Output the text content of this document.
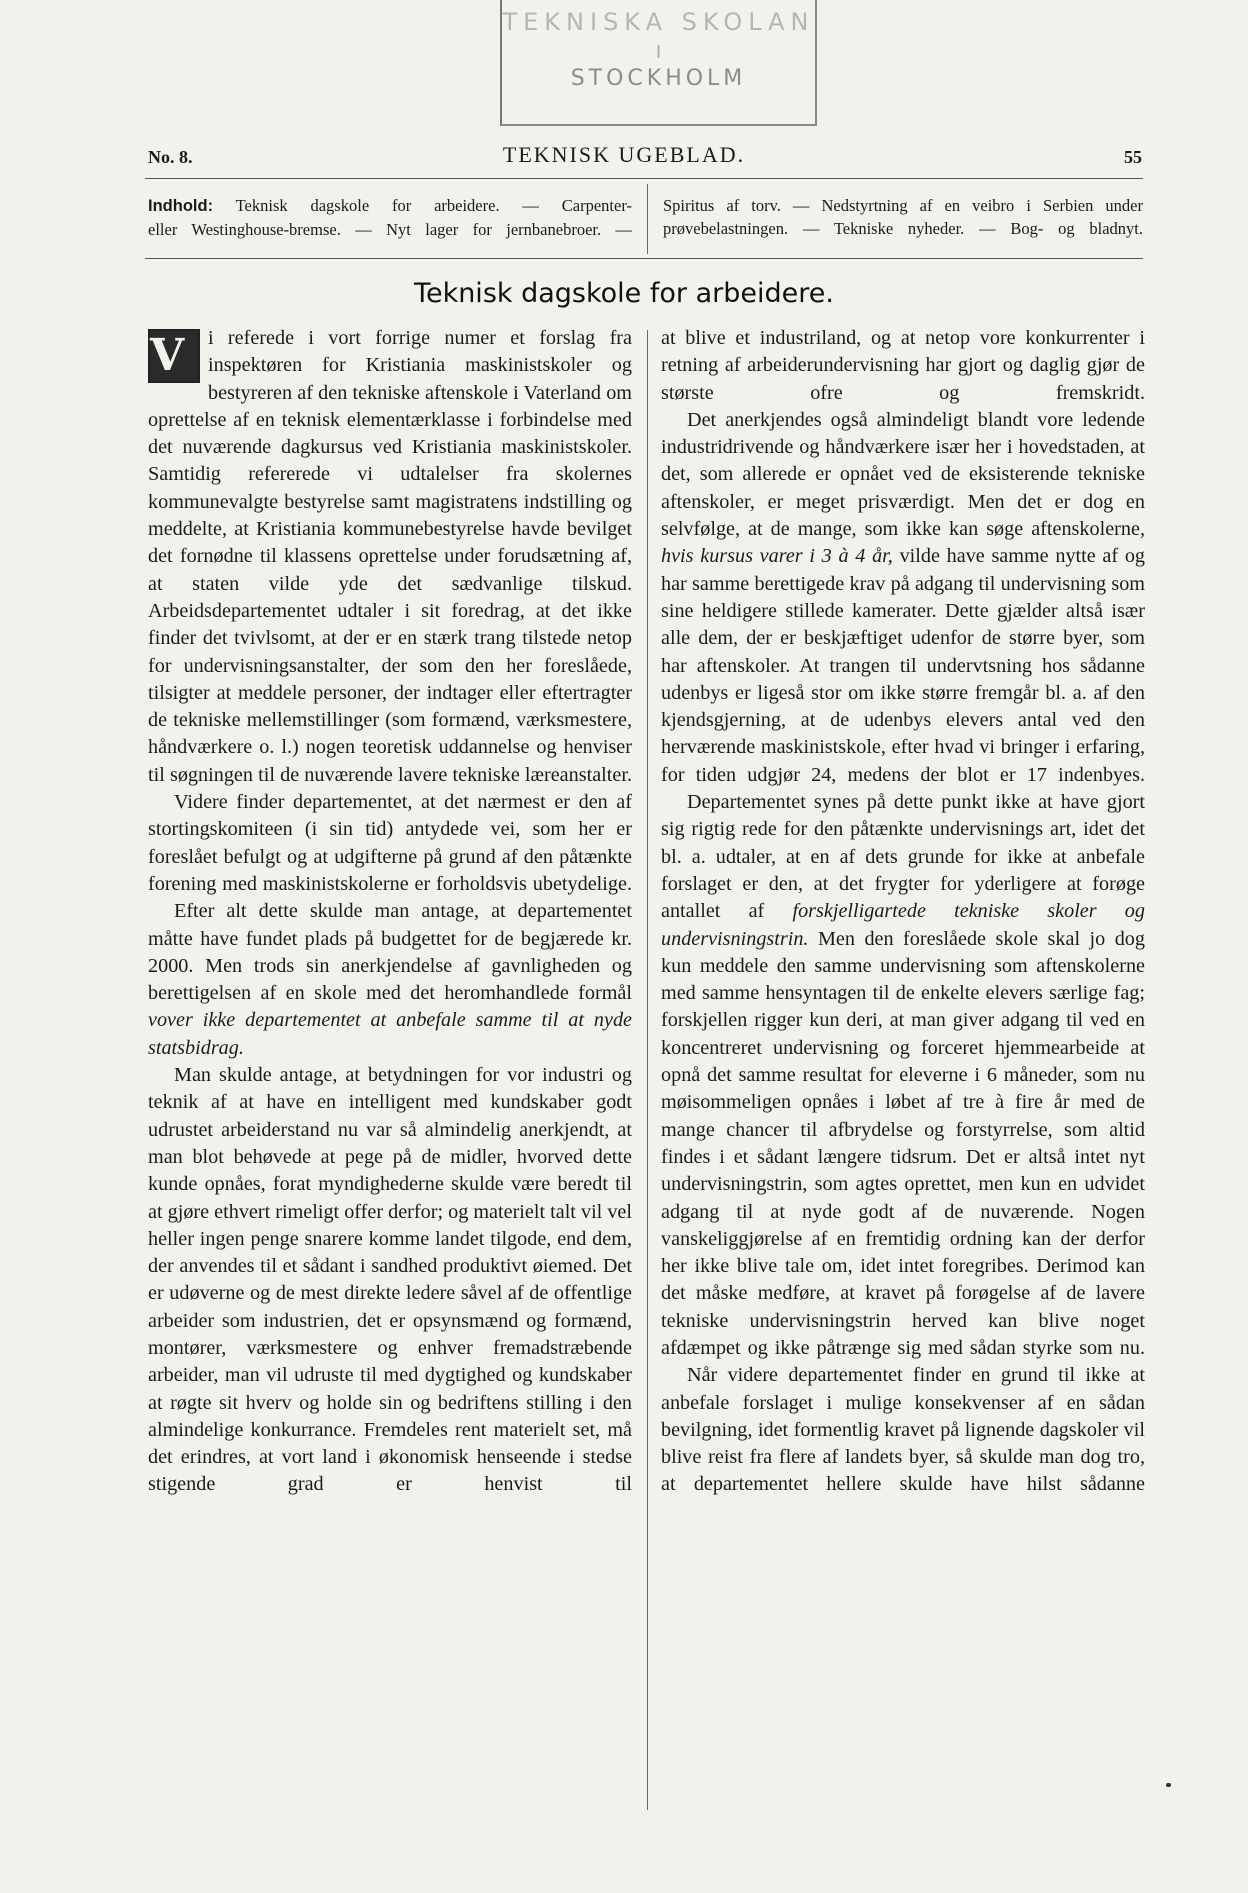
TEKNISKA SKOLAN
I
STOCKHOLM
No. 8.	TEKNISK UGEBLAD.	55
Indhold: Teknisk dagskole for arbeidere. — Carpenter-
eller Westinghouse-bremse. — Nyt lager for jernbanebroer. —
Spiritus af torv. — Nedstyrtning af en veibro i Serbien under
prøvebelastningen. — Tekniske nyheder. — Bog- og bladnyt.
Teknisk dagskole for arbeidere.

V	i referede i vort forrige numer et forslag fra inspektøren for Kristiania maskinistskoler og bestyreren af den tekniske aftenskole i Vaterland om oprettelse af en teknisk elementærklasse i forbindelse med det nuværende dagkursus ved Kristiania maskinistskoler. Samtidig refererede vi udtalelser fra skolernes kommunevalgte bestyrelse samt magistratens indstilling og meddelte, at Kristiania kommunebestyrelse havde bevilget det fornødne til klassens oprettelse under forudsætning af, at staten vilde yde det sædvanlige tilskud. Arbeidsdepartementet udtaler i sit foredrag, at det ikke finder det tvivlsomt, at der er en stærk trang tilstede netop for undervisningsanstalter, der som den her foreslåede, tilsigter at meddele personer, der indtager eller eftertragter de tekniske mellemstillinger (som formænd, værksmestere, håndværkere o. l.) nogen teoretisk uddannelse og henviser til søgningen til de nuværende lavere tekniske læreanstalter.

Videre finder departementet, at det nærmest er den af stortingskomiteen (i sin tid) antydede vei, som her er foreslået befulgt og at udgifterne på grund af den påtænkte forening med maskinistskolerne er forholdsvis ubetydelige.

Efter alt dette skulde man antage, at departementet måtte have fundet plads på budgettet for de begjærede kr. 2000. Men trods sin anerkjendelse af gavnligheden og berettigelsen af en skole med det heromhandlede formål vover ikke departementet at anbefale samme til at nyde statsbidrag.

Man skulde antage, at betydningen for vor industri og teknik af at have en intelligent med kundskaber godt udrustet arbeiderstand nu var så almindelig anerkjendt, at man blot behøvede at pege på de midler, hvorved dette kunde opnåes, forat myndighederne skulde være beredt til at gjøre ethvert rimeligt offer derfor; og materielt talt vil vel heller ingen penge snarere komme landet tilgode, end dem, der anvendes til et sådant i sandhed produktivt øiemed. Det er udøverne og de mest direkte ledere såvel af de offentlige arbeider som industrien, det er opsynsmænd og formænd, montører, værksmestere og enhver fremadstræbende arbeider, man vil udruste til med dygtighed og kundskaber at røgte sit hverv og holde sin og bedriftens stilling i den almindelige konkurrance. Fremdeles rent materielt set, må det erindres, at vort land i økonomisk henseende i stedse stigende grad er henvist til

at blive et industriland, og at netop vore konkurrenter i retning af arbeiderundervisning har gjort og daglig gjør de største ofre og fremskridt.

Det anerkjendes også almindeligt blandt vore ledende industridrivende og håndværkere især her i hovedstaden, at det, som allerede er opnået ved de eksisterende tekniske aftenskoler, er meget prisværdigt. Men det er dog en selvfølge, at de mange, som ikke kan søge aftenskolerne, hvis kursus varer i 3 à 4 år, vilde have samme nytte af og har samme berettigede krav på adgang til undervisning som sine heldigere stillede kamerater. Dette gjælder altså især alle dem, der er beskjæftiget udenfor de større byer, som har aftenskoler. At trangen til undervtsning hos sådanne udenbys er ligeså stor om ikke større fremgår bl. a. af den kjendsgjerning, at de udenbys elevers antal ved den herværende maskinistskole, efter hvad vi bringer i erfaring, for tiden udgjør 24, medens der blot er 17 indenbyes.

Departementet synes på dette punkt ikke at have gjort sig rigtig rede for den påtænkte undervisnings art, idet det bl. a. udtaler, at en af dets grunde for ikke at anbefale forslaget er den, at det frygter for yderligere at forøge antallet af forskjelligartede tekniske skoler og undervisningstrin. Men den foreslåede skole skal jo dog kun meddele den samme undervisning som aftenskolerne med samme hensyntagen til de enkelte elevers særlige fag; forskjellen rigger kun deri, at man giver adgang til ved en koncentreret undervisning og forceret hjemmearbeide at opnå det samme resultat for eleverne i 6 måneder, som nu møisommeligen opnåes i løbet af tre à fire år med de mange chancer til afbrydelse og forstyrrelse, som altid findes i et sådant længere tidsrum. Det er altså intet nyt undervisningstrin, som agtes oprettet, men kun en udvidet adgang til at nyde godt af de nuværende. Nogen vanskeliggjørelse af en fremtidig ordning kan der derfor her ikke blive tale om, idet intet foregribes. Derimod kan det måske medføre, at kravet på forøgelse af de lavere tekniske undervisningstrin herved kan blive noget afdæmpet og ikke påtrænge sig med sådan styrke som nu.

Når videre departementet finder en grund til ikke at anbefale forslaget i mulige konsekvenser af en sådan bevilgning, idet formentlig kravet på lignende dagskoler vil blive reist fra flere af landets byer, så skulde man dog tro, at departementet hellere skulde have hilst sådanne
